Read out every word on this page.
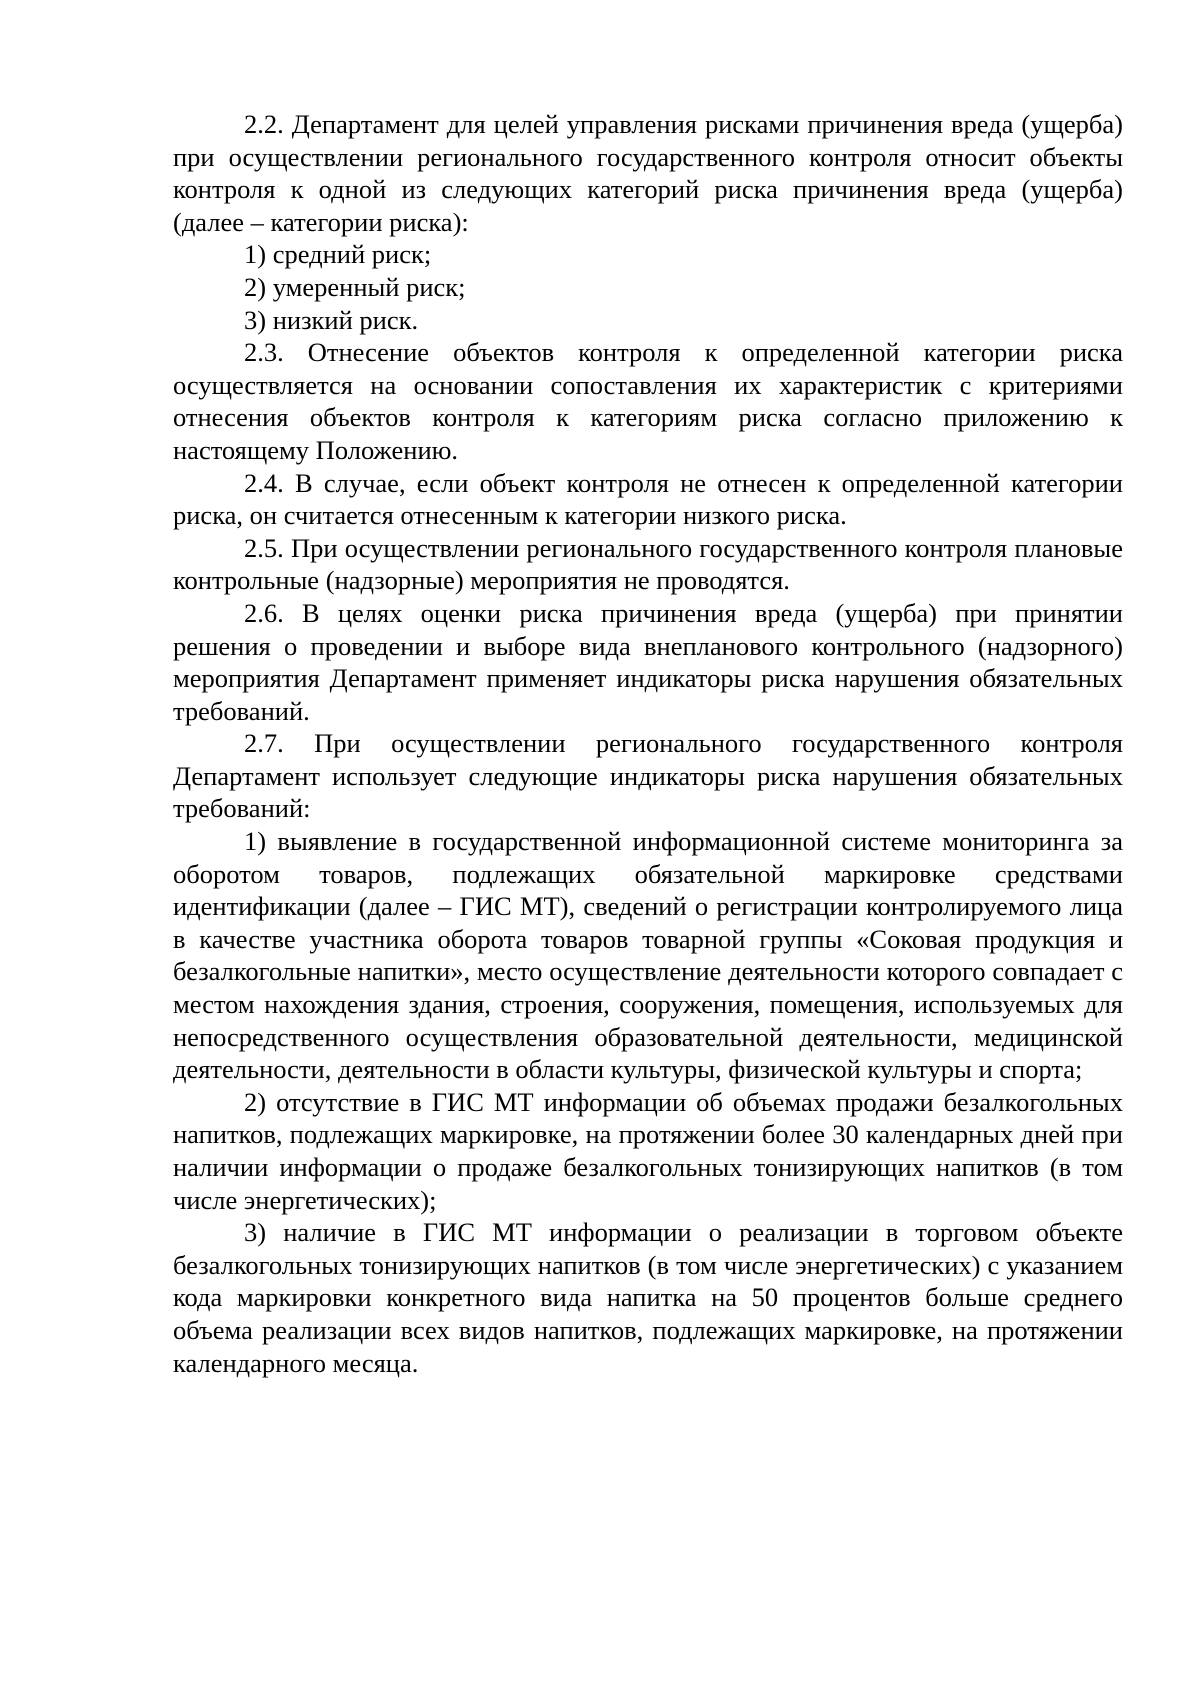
2.2. Департамент для целей управления рисками причинения вреда (ущерба) при осуществлении регионального государственного контроля относит объекты контроля к одной из следующих категорий риска причинения вреда (ущерба) (далее – категории риска):

1) средний риск;

2) умеренный риск;

3) низкий риск.

2.3. Отнесение объектов контроля к определенной категории риска осуществляется на основании сопоставления их характеристик с критериями отнесения объектов контроля к категориям риска согласно приложению к настоящему Положению.

2.4. В случае, если объект контроля не отнесен к определенной категории риска, он считается отнесенным к категории низкого риска.

2.5. При осуществлении регионального государственного контроля плановые контрольные (надзорные) мероприятия не проводятся.

2.6. В целях оценки риска причинения вреда (ущерба) при принятии решения о проведении и выборе вида внепланового контрольного (надзорного) мероприятия Департамент применяет индикаторы риска нарушения обязательных требований.

2.7. При осуществлении регионального государственного контроля Департамент использует следующие индикаторы риска нарушения обязательных требований:

1) выявление в государственной информационной системе мониторинга за оборотом товаров, подлежащих обязательной маркировке средствами идентификации (далее – ГИС МТ), сведений о регистрации контролируемого лица в качестве участника оборота товаров товарной группы «Соковая продукция и безалкогольные напитки», место осуществление деятельности которого совпадает с местом нахождения здания, строения, сооружения, помещения, используемых для непосредственного осуществления образовательной деятельности, медицинской деятельности, деятельности в области культуры, физической культуры и спорта;

2) отсутствие в ГИС МТ информации об объемах продажи безалкогольных напитков, подлежащих маркировке, на протяжении более 30 календарных дней при наличии информации о продаже безалкогольных тонизирующих напитков (в том числе энергетических);

3) наличие в ГИС МТ информации о реализации в торговом объекте безалкогольных тонизирующих напитков (в том числе энергетических) с указанием кода маркировки конкретного вида напитка на 50 процентов больше среднего объема реализации всех видов напитков, подлежащих маркировке, на протяжении календарного месяца.
